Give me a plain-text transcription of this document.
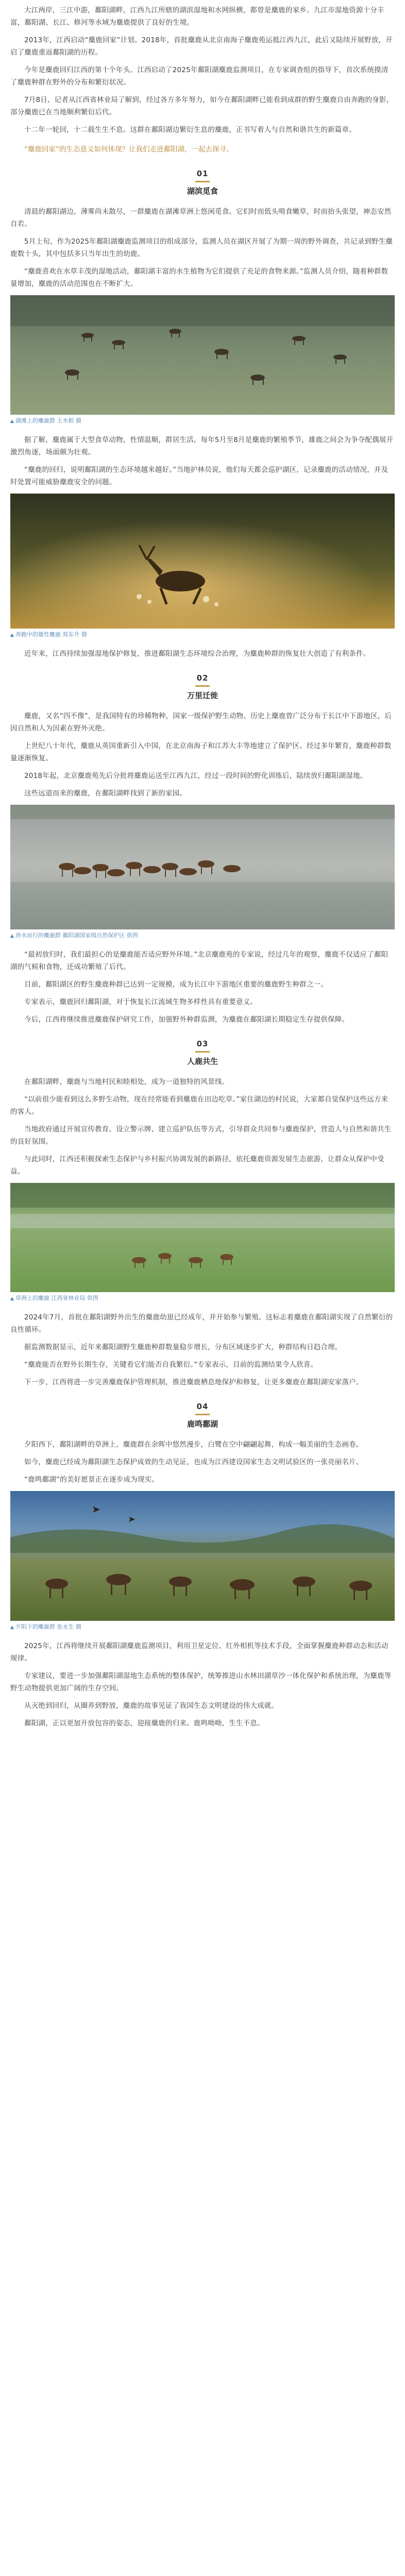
大江两岸，三江中游，鄱阳湖畔，江西九江所辖的湖滨湿地和水网纵横，都曾是麋鹿的家乡。九江市湿地资源十分丰富，鄱阳湖、长江、修河等水域为麋鹿提供了良好的生境。

2013年，江西启动“麋鹿回家”计划。2018年，首批麋鹿从北京南海子麋鹿苑运抵江西九江，此后又陆续开展野放，开启了麋鹿重返鄱阳湖的历程。

今年是麋鹿回归江西的第十个年头。江西启动了2025年鄱阳湖麋鹿监测项目，在专家调查组的指导下，首次系统摸清了麋鹿种群在野外的分布和繁衍状况。

7月8日，记者从江西省林业局了解到，经过各方多年努力，如今在鄱阳湖畔已能看到成群的野生麋鹿自由奔跑的身影，部分麋鹿已在当地顺利繁衍后代。

十二年一轮回，十二载生生不息。这群在鄱阳湖边繁衍生息的麋鹿，正书写着人与自然和谐共生的新篇章。

“麋鹿回家”的生态意义如何体现？让我们走进鄱阳湖，一起去探寻。

01
湖滨觅食

清晨的鄱阳湖边，薄雾尚未散尽，一群麋鹿在湖滩草洲上悠闲觅食。它们时而低头啃食嫩草，时而抬头张望，神态安然自若。

5月上旬，作为2025年鄱阳湖麋鹿监测项目的组成部分，监测人员在湖区开展了为期一周的野外调查，共记录到野生麋鹿数十头，其中包括多只当年出生的幼鹿。

“麋鹿喜欢在水草丰茂的湿地活动，鄱阳湖丰富的水生植物为它们提供了充足的食物来源。”监测人员介绍，随着种群数量增加，麋鹿的活动范围也在不断扩大。

▲ 湖滩上的麋鹿群 王水根 摄

据了解，麋鹿属于大型食草动物，性情温顺，群居生活。每年5月至8月是麋鹿的繁殖季节，雄鹿之间会为争夺配偶展开激烈角逐，场面颇为壮观。

“麋鹿的回归，说明鄱阳湖的生态环境越来越好。”当地护林员说，他们每天都会巡护湖区，记录麋鹿的活动情况，并及时处置可能威胁麋鹿安全的问题。

▲ 奔跑中的雄性麋鹿 郑东升 摄

近年来，江西持续加强湿地保护修复，推进鄱阳湖生态环境综合治理，为麋鹿种群的恢复壮大创造了有利条件。

02
万里迁徙

麋鹿，又名“四不像”，是我国特有的珍稀物种，国家一级保护野生动物。历史上麋鹿曾广泛分布于长江中下游地区，后因自然和人为因素在野外灭绝。

上世纪八十年代，麋鹿从英国重新引入中国，在北京南海子和江苏大丰等地建立了保护区。经过多年繁育，麋鹿种群数量逐渐恢复。

2018年起，北京麋鹿苑先后分批将麋鹿运送至江西九江，经过一段时间的野化训练后，陆续放归鄱阳湖湿地。

这些远道而来的麋鹿，在鄱阳湖畔找到了新的家园。

▲ 涉水而行的麋鹿群 鄱阳湖国家级自然保护区 供图

“最初放归时，我们最担心的是麋鹿能否适应野外环境。”北京麋鹿苑的专家说，经过几年的观察，麋鹿不仅适应了鄱阳湖的气候和食物，还成功繁殖了后代。

目前，鄱阳湖区的野生麋鹿种群已达到一定规模，成为长江中下游地区重要的麋鹿野生种群之一。

专家表示，麋鹿回归鄱阳湖，对于恢复长江流域生物多样性具有重要意义。

今后，江西将继续推进麋鹿保护研究工作，加强野外种群监测，为麋鹿在鄱阳湖长期稳定生存提供保障。

03
人鹿共生

在鄱阳湖畔，麋鹿与当地村民和睦相处，成为一道独特的风景线。

“以前很少能看到这么多野生动物，现在经常能看到麋鹿在田边吃草。”家住湖边的村民说，大家都自觉保护这些远方来的客人。

当地政府通过开展宣传教育、设立警示牌、建立巡护队伍等方式，引导群众共同参与麋鹿保护，营造人与自然和谐共生的良好氛围。

与此同时，江西还积极探索生态保护与乡村振兴协调发展的新路径，依托麋鹿资源发展生态旅游，让群众从保护中受益。

▲ 草洲上的麋鹿 江西省林业局 供图

2024年7月，首批在鄱阳湖野外出生的麋鹿幼崽已经成年，并开始参与繁殖。这标志着麋鹿在鄱阳湖实现了自然繁衍的良性循环。

据监测数据显示，近年来鄱阳湖野生麋鹿种群数量稳步增长，分布区域逐步扩大，种群结构日趋合理。

“麋鹿能否在野外长期生存，关键看它们能否自我繁衍。”专家表示，目前的监测结果令人欣喜。

下一步，江西将进一步完善麋鹿保护管理机制，推进麋鹿栖息地保护和修复，让更多麋鹿在鄱阳湖安家落户。

04
鹿鸣鄱湖

夕阳西下，鄱阳湖畔的草洲上，麋鹿群在余晖中悠然漫步，白鹭在空中翩翩起舞，构成一幅美丽的生态画卷。

如今，麋鹿已经成为鄱阳湖生态保护成效的生动见证，也成为江西建设国家生态文明试验区的一张亮丽名片。

“鹿鸣鄱湖”的美好愿景正在逐步成为现实。

▲ 夕阳下的麋鹿群 张永生 摄

2025年，江西将继续开展鄱阳湖麋鹿监测项目，利用卫星定位、红外相机等技术手段，全面掌握麋鹿种群动态和活动规律。

专家建议，要进一步加强鄱阳湖湿地生态系统的整体保护，统筹推进山水林田湖草沙一体化保护和系统治理，为麋鹿等野生动物提供更加广阔的生存空间。

从灭绝到回归，从圈养到野放，麋鹿的故事见证了我国生态文明建设的伟大成就。

鄱阳湖，正以更加开放包容的姿态，迎接麋鹿的归来。鹿鸣呦呦，生生不息。
